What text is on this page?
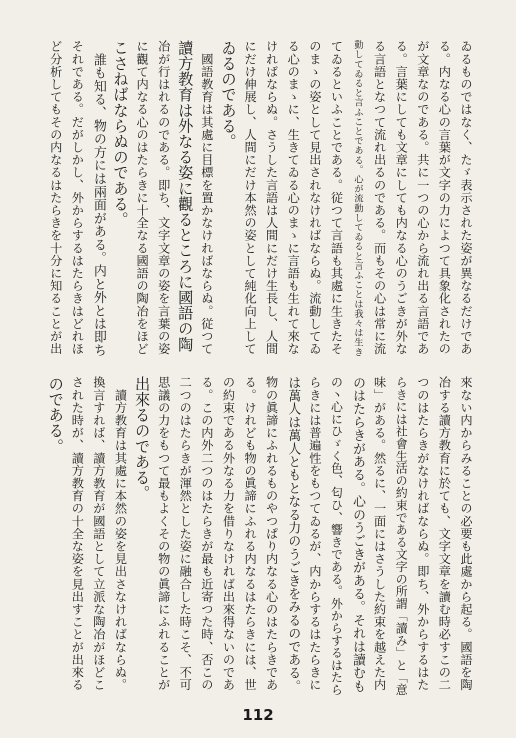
ゐるものではなく、たゞ表示された姿が異なるだけであ
る。内なる心の言葉が文字の力によつて具象化されたの
が文章なのである。共に一つの心から流れ出る言語であ
る。言葉にしても文章にしても内なる心のうごきが外な
る言語となつて流れ出るのである。而もその心は常に流
動してゐると言ふことである。心が流動してゐると言ふことは我々は生き
てゐるといふことである。従つて言語も其處に生きたそ
のまゝの姿として見出されなければならぬ。流動してゐ
る心のまゝに、生きてゐる心のまゝに言語も生れて來な
ければならぬ。さうした言語は人間にだけ生長し、人間
にだけ伸展し、人間にだけ本然の姿として純化向上して
ゐるのである。
　國語教育は其處に目標を置かなければならぬ。従つて
讀方教育は外なる姿に觀るところに國語の陶
冶が行はれるのである。即ち、文字文章の姿を言葉の姿
に觀て内なる心のはたらきに十全なる國語の陶冶をほど
こさねばならぬのである。
　誰も知る、物の方には兩面がある。内と外とは即ち
それである。だがしかし、外からするはたらきはどれほ
ど分析してもその内なるはたらきを十分に知ることが出
來ない内からみることの必要も此處から起る。國語を陶
冶する讀方教育に於ても、文字文章を讀む時必すこの二
つのはたらきがなければならぬ。即ち、外からするはた
らきには社會生活の約束である文字の所謂「讀み」と「意
味」がある。然るに、一面にはさうした約束を越えた内
のはたらきがある。心のうごきがある。それは讀むも
の丶心にひゞく色、匂ひ、響きである。外からするはたら
らきには普遍性をもつてゐるが、内からするはたらきに
は萬人は萬人ともとなる力のうごきをみるのである。
物の眞諦にふれるものやつぱり内なる心のはたらきであ
る。けれども物の眞諦にふれる内なるはたらきには、世
の約束である外なる力を借りなければ出來得ないのであ
る。この内外二つのはたらきが最も近寄つた時、否この
二つのはたらきが渾然とした姿に融合した時こそ、不可
思議の力をもつて最もよくその物の眞諦にふれることが
出來るのである。
　讀方教育は其處に本然の姿を見出さなければならぬ。
換言すれば、讀方教育が國語として立派な陶冶がほどこ
された時が、讀方教育の十全な姿を見出すことが出來る
のである。
112
